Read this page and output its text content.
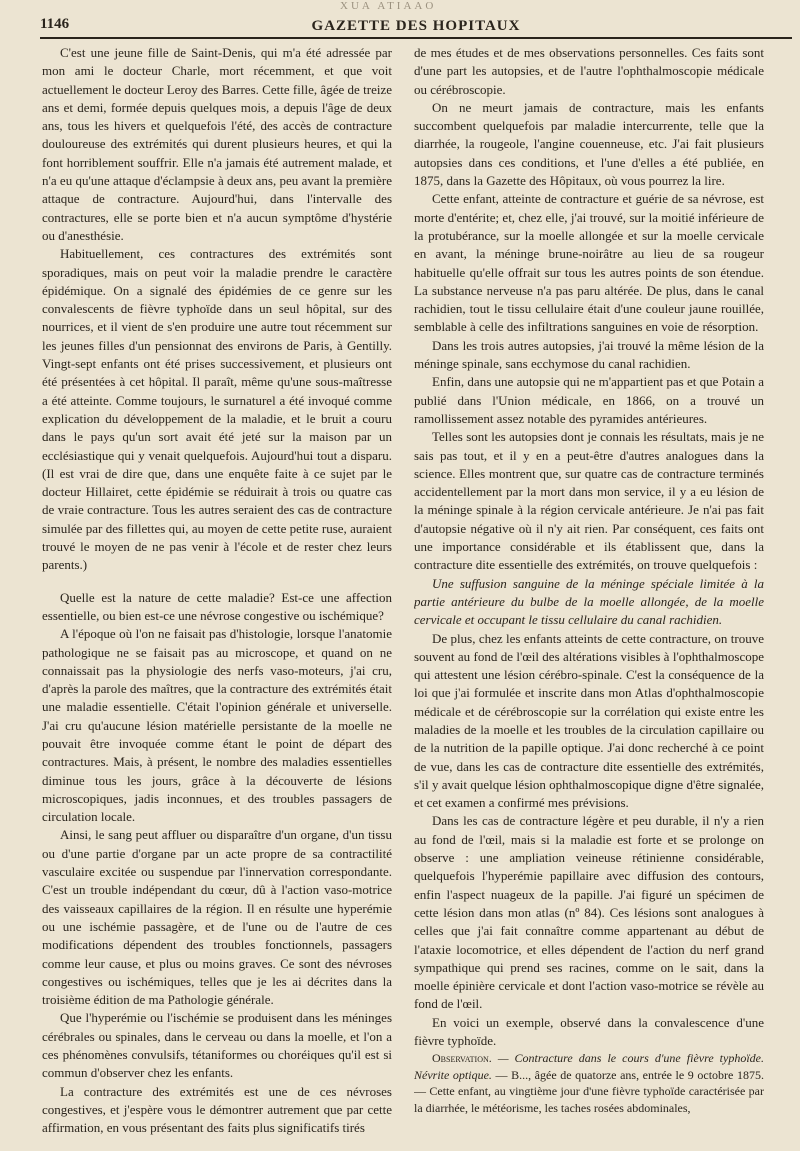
XUA ATIAAO
1146	GAZETTE DES HOPITAUX

C'est une jeune fille de Saint-Denis, qui m'a été adressée par mon ami le docteur Charle, mort récemment, et que voit actuellement le docteur Leroy des Barres. Cette fille, âgée de treize ans et demi, formée depuis quelques mois, a depuis l'âge de deux ans, tous les hivers et quelquefois l'été, des accès de contracture douloureuse des extrémités qui durent plusieurs heures, et qui la font horriblement souffrir. Elle n'a jamais été autrement malade, et n'a eu qu'une attaque d'éclampsie à deux ans, peu avant la première attaque de contracture. Aujourd'hui, dans l'intervalle des contractures, elle se porte bien et n'a aucun symptôme d'hystérie ou d'anesthésie.

Habituellement, ces contractures des extrémités sont sporadiques, mais on peut voir la maladie prendre le caractère épidémique. On a signalé des épidémies de ce genre sur les convalescents de fièvre typhoïde dans un seul hôpital, sur des nourrices, et il vient de s'en produire une autre tout récemment sur les jeunes filles d'un pensionnat des environs de Paris, à Gentilly. Vingt-sept enfants ont été prises successivement, et plusieurs ont été présentées à cet hôpital. Il paraît, même qu'une sous-maîtresse a été atteinte. Comme toujours, le surnaturel a été invoqué comme explication du développement de la maladie, et le bruit a couru dans le pays qu'un sort avait été jeté sur la maison par un ecclésiastique qui y venait quelquefois. Aujourd'hui tout a disparu. (Il est vrai de dire que, dans une enquête faite à ce sujet par le docteur Hillairet, cette épidémie se réduirait à trois ou quatre cas de vraie contracture. Tous les autres seraient des cas de contracture simulée par des fillettes qui, au moyen de cette petite ruse, auraient trouvé le moyen de ne pas venir à l'école et de rester chez leurs parents.)

Quelle est la nature de cette maladie? Est-ce une affection essentielle, ou bien est-ce une névrose congestive ou ischémique?

A l'époque où l'on ne faisait pas d'histologie, lorsque l'anatomie pathologique ne se faisait pas au microscope, et quand on ne connaissait pas la physiologie des nerfs vaso-moteurs, j'ai cru, d'après la parole des maîtres, que la contracture des extrémités était une maladie essentielle. C'était l'opinion générale et universelle. J'ai cru qu'aucune lésion matérielle persistante de la moelle ne pouvait être invoquée comme étant le point de départ des contractures. Mais, à présent, le nombre des maladies essentielles diminue tous les jours, grâce à la découverte de lésions microscopiques, jadis inconnues, et des troubles passagers de circulation locale.

Ainsi, le sang peut affluer ou disparaître d'un organe, d'un tissu ou d'une partie d'organe par un acte propre de sa contractilité vasculaire excitée ou suspendue par l'innervation correspondante. C'est un trouble indépendant du cœur, dû à l'action vaso-motrice des vaisseaux capillaires de la région. Il en résulte une hyperémie ou une ischémie passagère, et de l'une ou de l'autre de ces modifications dépendent des troubles fonctionnels, passagers comme leur cause, et plus ou moins graves. Ce sont des névroses congestives ou ischémiques, telles que je les ai décrites dans la troisième édition de ma Pathologie générale.

Que l'hyperémie ou l'ischémie se produisent dans les méninges cérébrales ou spinales, dans le cerveau ou dans la moelle, et l'on a ces phénomènes convulsifs, tétaniformes ou choréiques qu'il est si commun d'observer chez les enfants.

La contracture des extrémités est une de ces névroses congestives, et j'espère vous le démontrer autrement que par cette affirmation, en vous présentant des faits plus significatifs tirés

de mes études et de mes observations personnelles. Ces faits sont d'une part les autopsies, et de l'autre l'ophthalmoscopie médicale ou cérébroscopie.

On ne meurt jamais de contracture, mais les enfants succombent quelquefois par maladie intercurrente, telle que la diarrhée, la rougeole, l'angine couenneuse, etc. J'ai fait plusieurs autopsies dans ces conditions, et l'une d'elles a été publiée, en 1875, dans la Gazette des Hôpitaux, où vous pourrez la lire.

Cette enfant, atteinte de contracture et guérie de sa névrose, est morte d'entérite; et, chez elle, j'ai trouvé, sur la moitié inférieure de la protubérance, sur la moelle allongée et sur la moelle cervicale en avant, la méninge brune-noirâtre au lieu de sa rougeur habituelle qu'elle offrait sur tous les autres points de son étendue. La substance nerveuse n'a pas paru altérée. De plus, dans le canal rachidien, tout le tissu cellulaire était d'une couleur jaune rouillée, semblable à celle des infiltrations sanguines en voie de résorption.

Dans les trois autres autopsies, j'ai trouvé la même lésion de la méninge spinale, sans ecchymose du canal rachidien.

Enfin, dans une autopsie qui ne m'appartient pas et que Potain a publié dans l'Union médicale, en 1866, on a trouvé un ramollissement assez notable des pyramides antérieures.

Telles sont les autopsies dont je connais les résultats, mais je ne sais pas tout, et il y en a peut-être d'autres analogues dans la science. Elles montrent que, sur quatre cas de contracture terminés accidentellement par la mort dans mon service, il y a eu lésion de la méninge spinale à la région cervicale antérieure. Je n'ai pas fait d'autopsie négative où il n'y ait rien. Par conséquent, ces faits ont une importance considérable et ils établissent que, dans la contracture dite essentielle des extrémités, on trouve quelquefois :

Une suffusion sanguine de la méninge spéciale limitée à la partie antérieure du bulbe de la moelle allongée, de la moelle cervicale et occupant le tissu cellulaire du canal rachidien.

De plus, chez les enfants atteints de cette contracture, on trouve souvent au fond de l'œil des altérations visibles à l'ophthalmoscope qui attestent une lésion cérébro-spinale. C'est la conséquence de la loi que j'ai formulée et inscrite dans mon Atlas d'ophthalmoscopie médicale et de cérébroscopie sur la corrélation qui existe entre les maladies de la moelle et les troubles de la circulation capillaire ou de la nutrition de la papille optique. J'ai donc recherché à ce point de vue, dans les cas de contracture dite essentielle des extrémités, s'il y avait quelque lésion ophthalmoscopique digne d'être signalée, et cet examen a confirmé mes prévisions.

Dans les cas de contracture légère et peu durable, il n'y a rien au fond de l'œil, mais si la maladie est forte et se prolonge on observe : une ampliation veineuse rétinienne considérable, quelquefois l'hyperémie papillaire avec diffusion des contours, enfin l'aspect nuageux de la papille. J'ai figuré un spécimen de cette lésion dans mon atlas (nº 84). Ces lésions sont analogues à celles que j'ai fait connaître comme appartenant au début de l'ataxie locomotrice, et elles dépendent de l'action du nerf grand sympathique qui prend ses racines, comme on le sait, dans la moelle épinière cervicale et dont l'action vaso-motrice se révèle au fond de l'œil.

En voici un exemple, observé dans la convalescence d'une fièvre typhoïde.

Observation. — Contracture dans le cours d'une fièvre typhoïde. Névrite optique. — B..., âgée de quatorze ans, entrée le 9 octobre 1875. — Cette enfant, au vingtième jour d'une fièvre typhoïde caractérisée par la diarrhée, le météorisme, les taches rosées abdominales,
